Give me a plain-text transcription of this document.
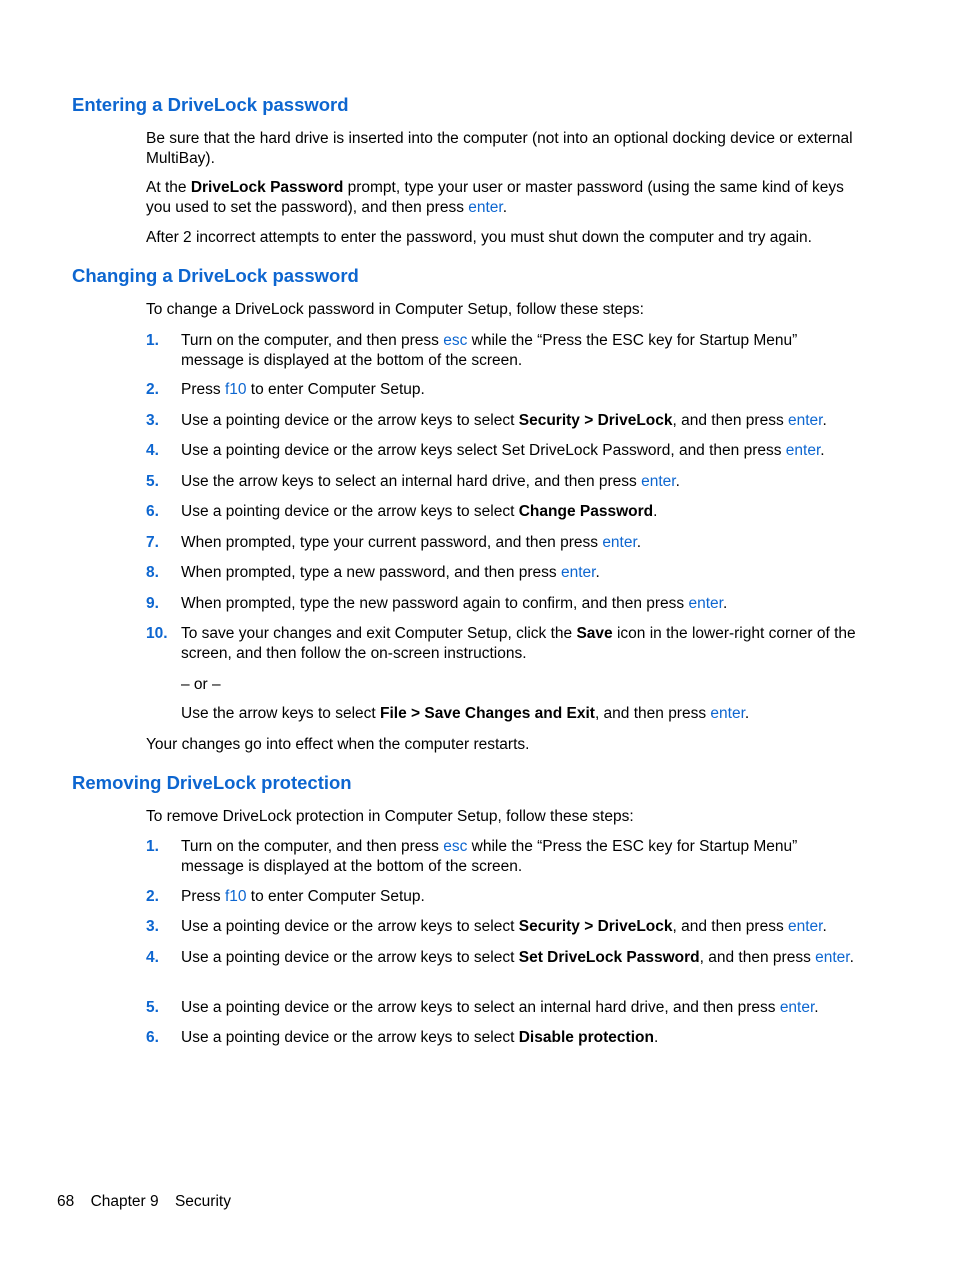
Entering a DriveLock password

Be sure that the hard drive is inserted into the computer (not into an optional docking device or external MultiBay).

At the DriveLock Password prompt, type your user or master password (using the same kind of keys you used to set the password), and then press enter.

After 2 incorrect attempts to enter the password, you must shut down the computer and try again.

Changing a DriveLock password

To change a DriveLock password in Computer Setup, follow these steps:

1. Turn on the computer, and then press esc while the “Press the ESC key for Startup Menu” message is displayed at the bottom of the screen.
2. Press f10 to enter Computer Setup.
3. Use a pointing device or the arrow keys to select Security > DriveLock, and then press enter.
4. Use a pointing device or the arrow keys select Set DriveLock Password, and then press enter.
5. Use the arrow keys to select an internal hard drive, and then press enter.
6. Use a pointing device or the arrow keys to select Change Password.
7. When prompted, type your current password, and then press enter.
8. When prompted, type a new password, and then press enter.
9. When prompted, type the new password again to confirm, and then press enter.
10. To save your changes and exit Computer Setup, click the Save icon in the lower-right corner of the screen, and then follow the on-screen instructions.

– or –

Use the arrow keys to select File > Save Changes and Exit, and then press enter.

Your changes go into effect when the computer restarts.

Removing DriveLock protection

To remove DriveLock protection in Computer Setup, follow these steps:

1. Turn on the computer, and then press esc while the “Press the ESC key for Startup Menu” message is displayed at the bottom of the screen.
2. Press f10 to enter Computer Setup.
3. Use a pointing device or the arrow keys to select Security > DriveLock, and then press enter.
4. Use a pointing device or the arrow keys to select Set DriveLock Password, and then press enter.
5. Use a pointing device or the arrow keys to select an internal hard drive, and then press enter.
6. Use a pointing device or the arrow keys to select Disable protection.
68 Chapter 9 Security
